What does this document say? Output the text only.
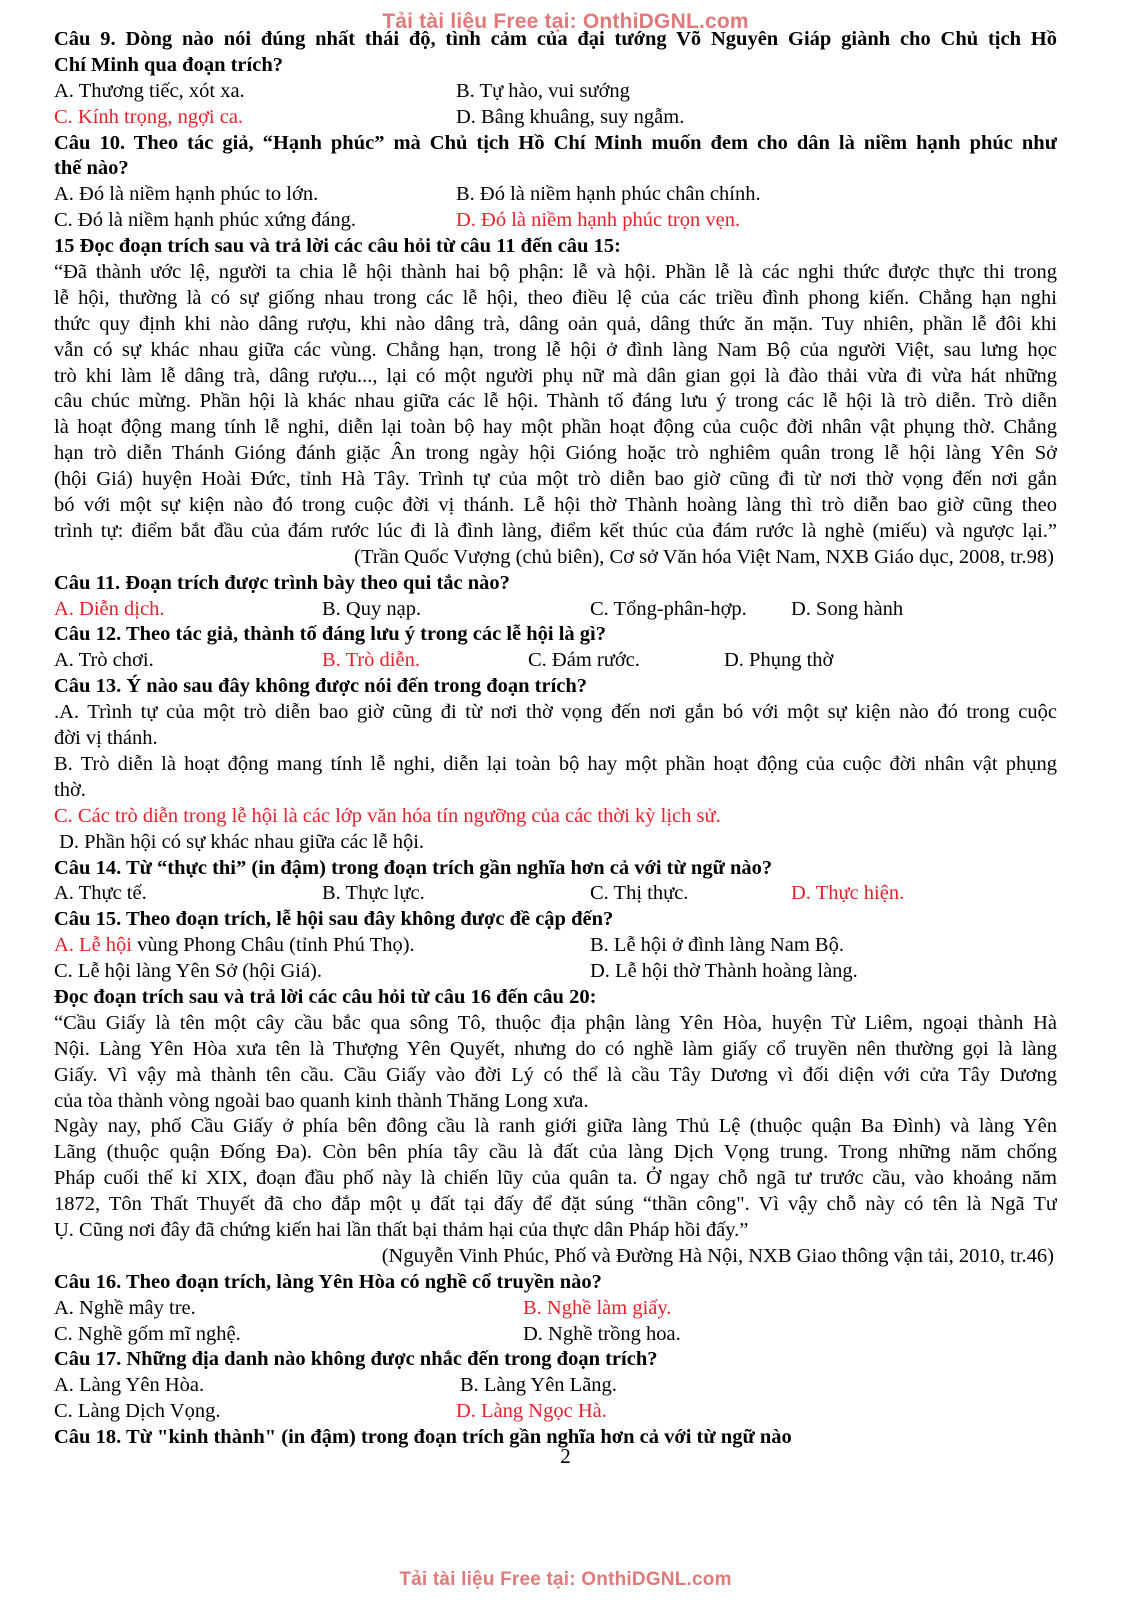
Tải tài liệu Free tại: OnthiDGNL.com
Câu 9. Dòng nào nói đúng nhất thái độ, tình cảm của đại tướng Võ Nguyên Giáp giành cho Chủ tịch Hồ
Chí Minh qua đoạn trích?
A. Thương tiếc, xót xa.	B. Tự hào, vui sướng
C. Kính trọng, ngợi ca.	D. Bâng khuâng, suy ngẫm.
Câu 10. Theo tác giả, “Hạnh phúc” mà Chủ tịch Hồ Chí Minh muốn đem cho dân là niềm hạnh phúc như
thế nào?
A. Đó là niềm hạnh phúc to lớn.	B. Đó là niềm hạnh phúc chân chính.
C. Đó là niềm hạnh phúc xứng đáng.	D. Đó là niềm hạnh phúc trọn vẹn.
15 Đọc đoạn trích sau và trả lời các câu hỏi từ câu 11 đến câu 15:
“Đã thành ước lệ, người ta chia lễ hội thành hai bộ phận: lễ và hội. Phần lễ là các nghi thức được thực thi trong
lễ hội, thường là có sự giống nhau trong các lễ hội, theo điều lệ của các triều đình phong kiến. Chẳng hạn nghi
thức quy định khi nào dâng rượu, khi nào dâng trà, dâng oản quả, dâng thức ăn mặn. Tuy nhiên, phần lễ đôi khi
vẫn có sự khác nhau giữa các vùng. Chẳng hạn, trong lễ hội ở đình làng Nam Bộ của người Việt, sau lưng học
trò khi làm lễ dâng trà, dâng rượu..., lại có một người phụ nữ mà dân gian gọi là đào thải vừa đi vừa hát những
câu chúc mừng. Phần hội là khác nhau giữa các lễ hội. Thành tố đáng lưu ý trong các lễ hội là trò diễn. Trò diễn
là hoạt động mang tính lễ nghi, diễn lại toàn bộ hay một phần hoạt động của cuộc đời nhân vật phụng thờ. Chẳng
hạn trò diễn Thánh Gióng đánh giặc Ân trong ngày hội Gióng hoặc trò nghiêm quân trong lễ hội làng Yên Sở
(hội Giá) huyện Hoài Đức, tỉnh Hà Tây. Trình tự của một trò diễn bao giờ cũng đi từ nơi thờ vọng đến nơi gắn
bó với một sự kiện nào đó trong cuộc đời vị thánh. Lễ hội thờ Thành hoàng làng thì trò diễn bao giờ cũng theo
trình tự: điểm bắt đầu của đám rước lúc đi là đình làng, điểm kết thúc của đám rước là nghè (miếu) và ngược lại.”
(Trần Quốc Vượng (chủ biên), Cơ sở Văn hóa Việt Nam, NXB Giáo dục, 2008, tr.98)
Câu 11. Đoạn trích được trình bày theo qui tắc nào?
A. Diễn dịch.	B. Quy nạp.	C. Tổng-phân-hợp. D. Song hành
Câu 12. Theo tác giả, thành tố đáng lưu ý trong các lễ hội là gì?
A. Trò chơi.	B. Trò diễn.	C. Đám rước.	D. Phụng thờ
Câu 13. Ý nào sau đây không được nói đến trong đoạn trích?
.A. Trình tự của một trò diễn bao giờ cũng đi từ nơi thờ vọng đến nơi gắn bó với một sự kiện nào đó trong cuộc
đời vị thánh.
B. Trò diễn là hoạt động mang tính lễ nghi, diễn lại toàn bộ hay một phần hoạt động của cuộc đời nhân vật phụng
thờ.
C. Các trò diễn trong lễ hội là các lớp văn hóa tín ngưỡng của các thời kỳ lịch sử.
D. Phần hội có sự khác nhau giữa các lễ hội.
Câu 14. Từ “thực thi” (in đậm) trong đoạn trích gần nghĩa hơn cả với từ ngữ nào?
A. Thực tế.	B. Thực lực.	C. Thị thực.	D. Thực hiện.
Câu 15. Theo đoạn trích, lễ hội sau đây không được đề cập đến?
A. Lễ hội vùng Phong Châu (tỉnh Phú Thọ).	B. Lễ hội ở đình làng Nam Bộ.
C. Lễ hội làng Yên Sở (hội Giá).	D. Lễ hội thờ Thành hoàng làng.
Đọc đoạn trích sau và trả lời các câu hỏi từ câu 16 đến câu 20:
“Cầu Giấy là tên một cây cầu bắc qua sông Tô, thuộc địa phận làng Yên Hòa, huyện Từ Liêm, ngoại thành Hà
Nội. Làng Yên Hòa xưa tên là Thượng Yên Quyết, nhưng do có nghề làm giấy cổ truyền nên thường gọi là làng
Giấy. Vì vậy mà thành tên cầu. Cầu Giấy vào đời Lý có thể là cầu Tây Dương vì đối diện với cửa Tây Dương
của tòa thành vòng ngoài bao quanh kinh thành Thăng Long xưa.
Ngày nay, phố Cầu Giấy ở phía bên đông cầu là ranh giới giữa làng Thủ Lệ (thuộc quận Ba Đình) và làng Yên
Lãng (thuộc quận Đống Đa). Còn bên phía tây cầu là đất của làng Dịch Vọng trung. Trong những năm chống
Pháp cuối thế kỉ XIX, đoạn đầu phố này là chiến lũy của quân ta. Ở ngay chỗ ngã tư trước cầu, vào khoảng năm
1872, Tôn Thất Thuyết đã cho đắp một ụ đất tại đấy để đặt súng “thần công". Vì vậy chỗ này có tên là Ngã Tư
Ụ. Cũng nơi đây đã chứng kiến hai lần thất bại thảm hại của thực dân Pháp hồi đấy.”
(Nguyễn Vinh Phúc, Phố và Đường Hà Nội, NXB Giao thông vận tải, 2010, tr.46)
Câu 16. Theo đoạn trích, làng Yên Hòa có nghề cổ truyền nào?
A. Nghề mây tre.	B. Nghề làm giấy.
C. Nghề gốm mĩ nghệ.	D. Nghề trồng hoa.
Câu 17. Những địa danh nào không được nhắc đến trong đoạn trích?
A. Làng Yên Hòa.	B. Làng Yên Lãng.
C. Làng Dịch Vọng.	D. Làng Ngọc Hà.
Câu 18. Từ "kinh thành" (in đậm) trong đoạn trích gần nghĩa hơn cả với từ ngữ nào
2
Tải tài liệu Free tại: OnthiDGNL.com
